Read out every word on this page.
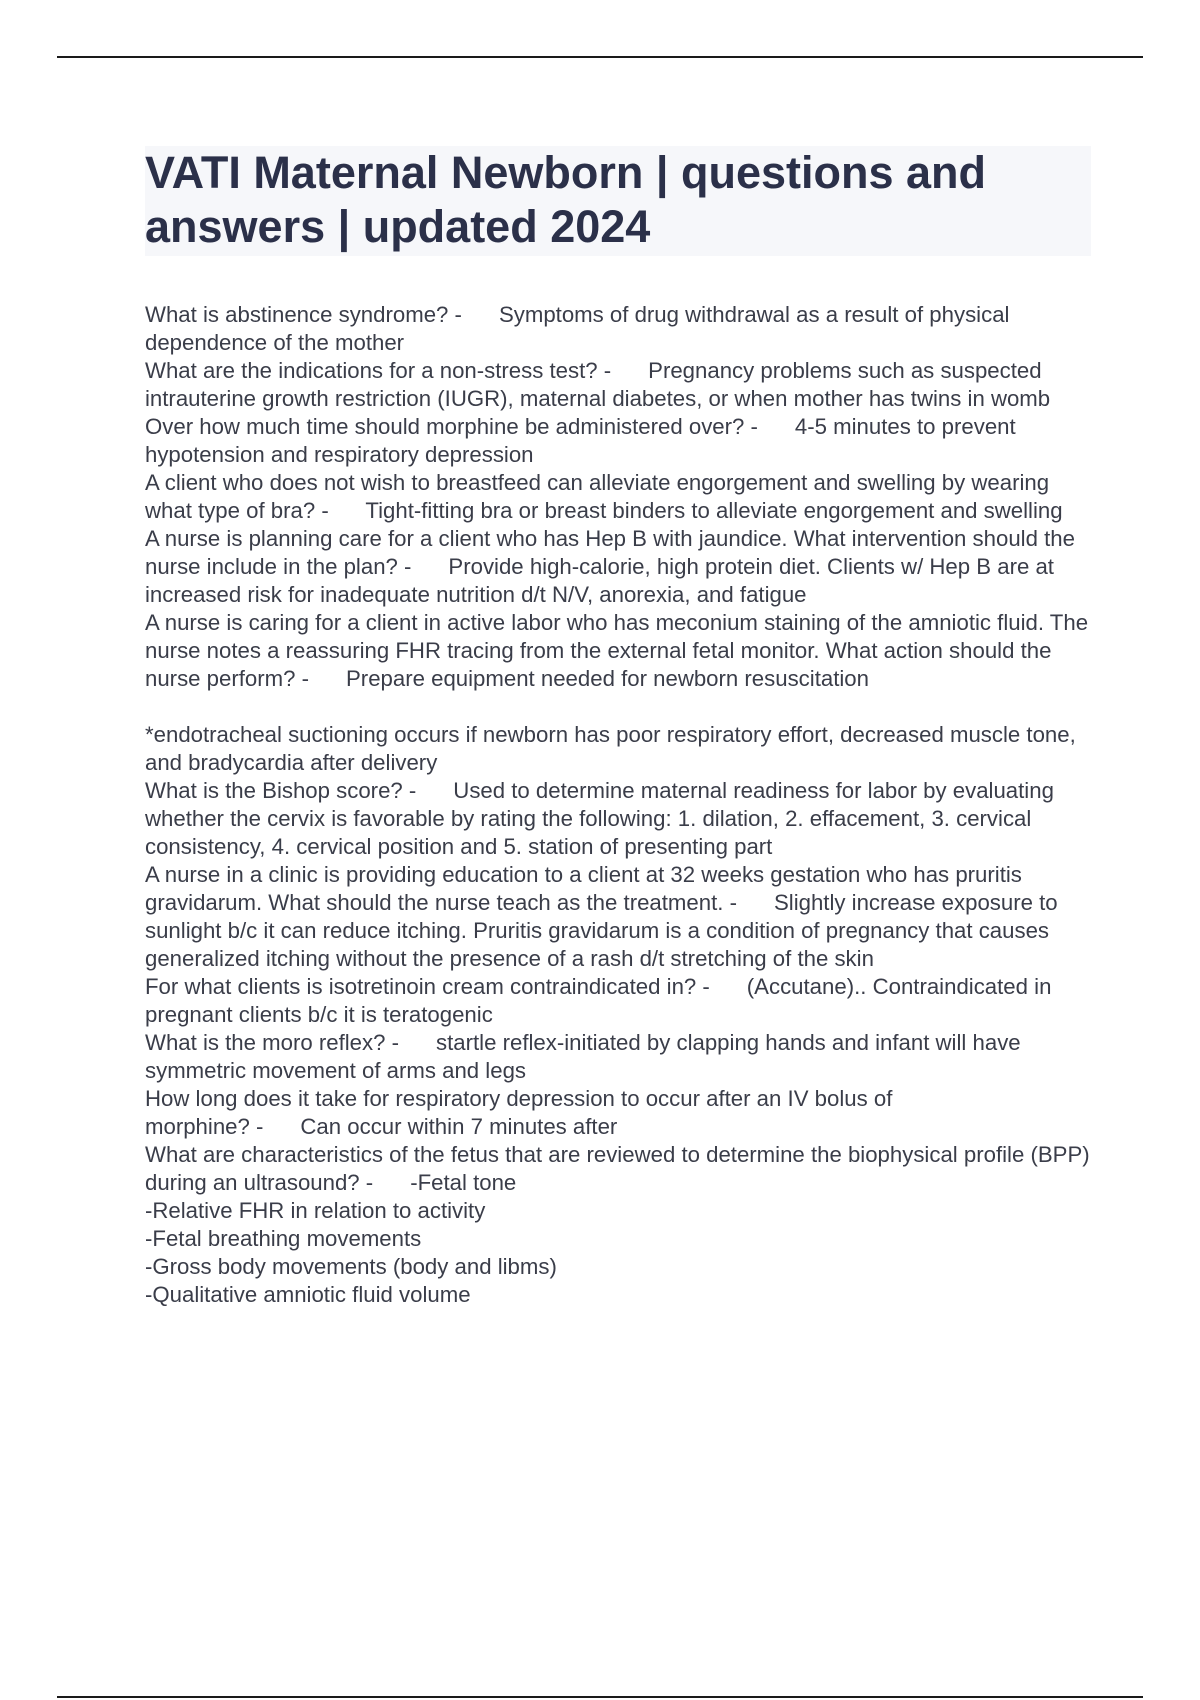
VATI Maternal Newborn | questions and
answers | updated 2024

What is abstinence syndrome? -      Symptoms of drug withdrawal as a result of physical dependence of the mother

What are the indications for a non-stress test? -      Pregnancy problems such as suspected intrauterine growth restriction (IUGR), maternal diabetes, or when mother has twins in womb

Over how much time should morphine be administered over? -      4-5 minutes to prevent hypotension and respiratory depression

A client who does not wish to breastfeed can alleviate engorgement and swelling by wearing what type of bra? -      Tight-fitting bra or breast binders to alleviate engorgement and swelling

A nurse is planning care for a client who has Hep B with jaundice. What intervention should the nurse include in the plan? -      Provide high-calorie, high protein diet. Clients w/ Hep B are at increased risk for inadequate nutrition d/t N/V, anorexia, and fatigue

A nurse is caring for a client in active labor who has meconium staining of the amniotic fluid. The nurse notes a reassuring FHR tracing from the external fetal monitor. What action should the nurse perform? -      Prepare equipment needed for newborn resuscitation

*endotracheal suctioning occurs if newborn has poor respiratory effort, decreased muscle tone, and bradycardia after delivery

What is the Bishop score? -      Used to determine maternal readiness for labor by evaluating whether the cervix is favorable by rating the following: 1. dilation, 2. effacement, 3. cervical consistency, 4. cervical position and 5. station of presenting part

A nurse in a clinic is providing education to a client at 32 weeks gestation who has pruritis gravidarum. What should the nurse teach as the treatment. -      Slightly increase exposure to sunlight b/c it can reduce itching. Pruritis gravidarum is a condition of pregnancy that causes generalized itching without the presence of a rash d/t stretching of the skin

For what clients is isotretinoin cream contraindicated in? -      (Accutane).. Contraindicated in pregnant clients b/c it is teratogenic

What is the moro reflex? -      startle reflex-initiated by clapping hands and infant will have symmetric movement of arms and legs

How long does it take for respiratory depression to occur after an IV bolus of morphine? -      Can occur within 7 minutes after

What are characteristics of the fetus that are reviewed to determine the biophysical profile (BPP) during an ultrasound? -      -Fetal tone

-Relative FHR in relation to activity

-Fetal breathing movements

-Gross body movements (body and libms)

-Qualitative amniotic fluid volume
